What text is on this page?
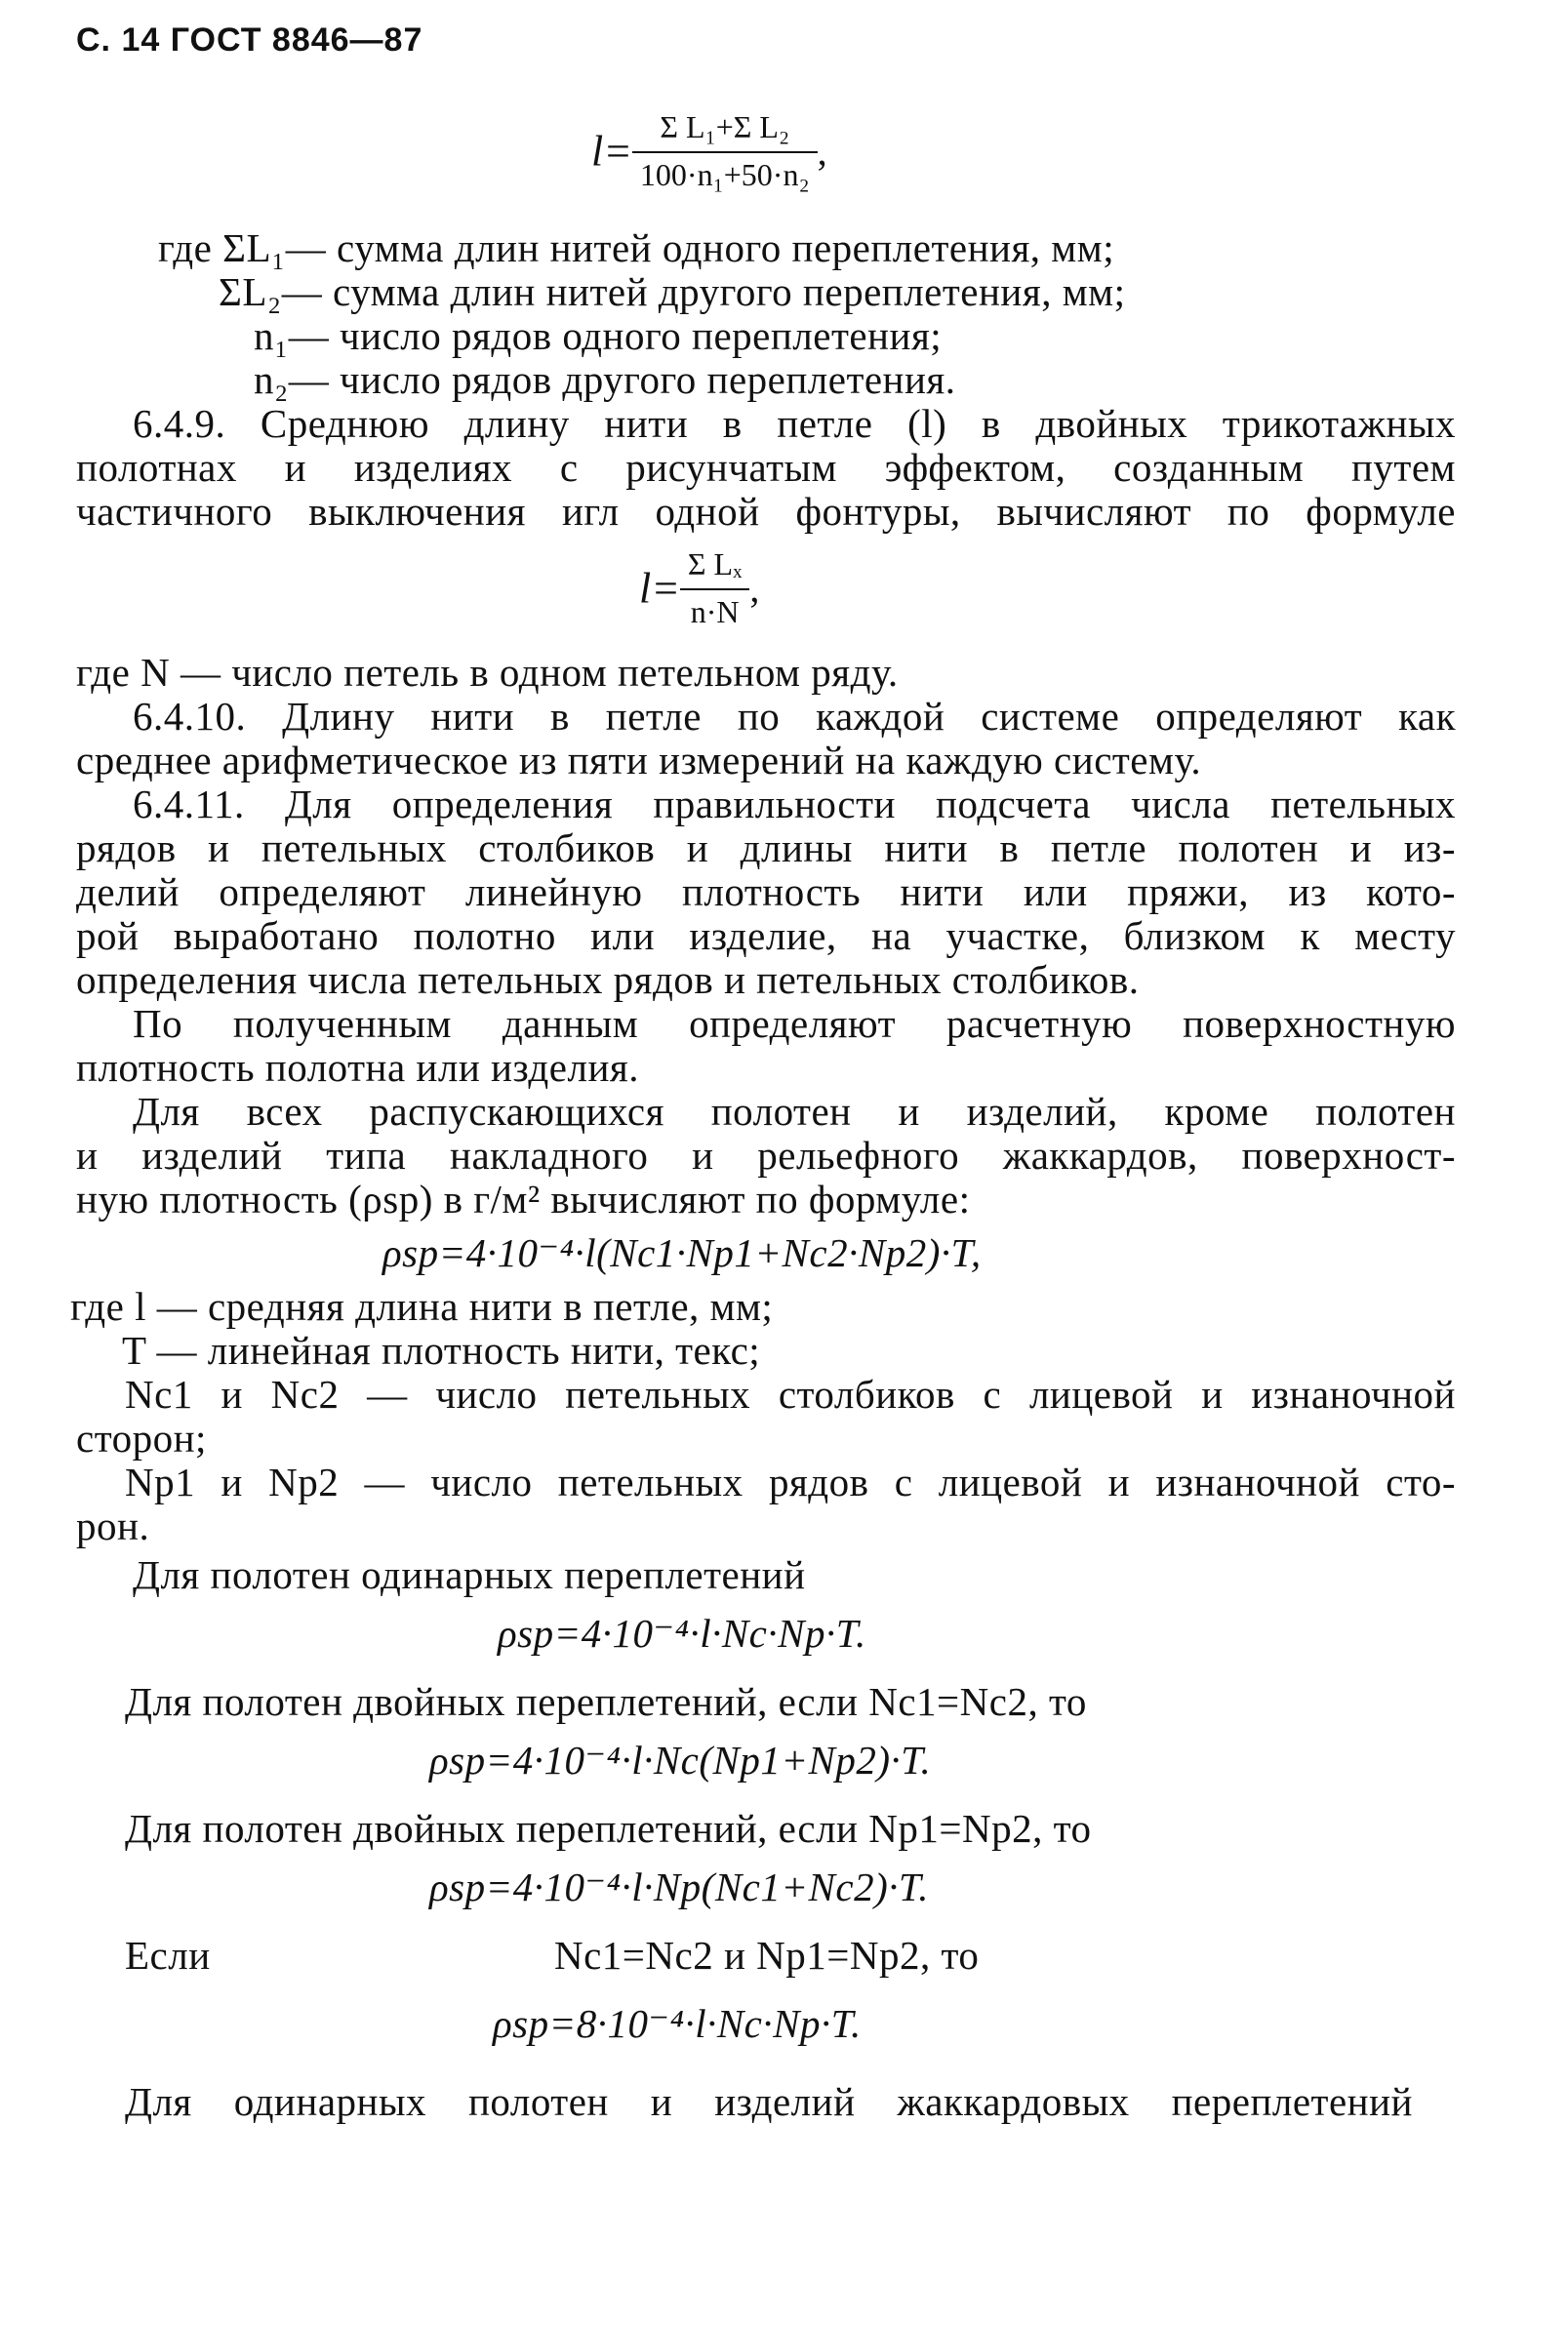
С. 14 ГОСТ 8846—87
$l= \frac{\text{Σ L₁+Σ L₂}}{\text{100·n₁+50·n₂}}$ ,
где ΣL₁— сумма длин нитей одного переплетения, мм;
ΣL₂— сумма длин нитей другого переплетения, мм;
n₁— число рядов одного переплетения;
n₂— число рядов другого переплетения.
6.4.9. Среднюю длину нити в петле (l) в двойных трикотажных
полотнах и изделиях с рисунчатым эффектом, созданным путем
частичного выключения игл одной фонтуры, вычисляют по формуле
$l= \frac{\text{Σ Lₓ}}{n\cdot N}$ ,
где N — число петель в одном петельном ряду.
6.4.10. Длину нити в петле по каждой системе определяют как
среднее арифметическое из пяти измерений на каждую систему.
6.4.11. Для определения правильности подсчета числа петельных
рядов и петельных столбиков и длины нити в петле полотен и из-
делий определяют линейную плотность нити или пряжи, из кото-
рой выработано полотно или изделие, на участке, близком к месту
определения числа петельных рядов и петельных столбиков.
По полученным данным определяют расчетную поверхностную
плотность полотна или изделия.
Для всех распускающихся полотен и изделий, кроме полотен
и изделий типа накладного и рельефного жаккардов, поверхност-
ную плотность (ρsp) в г/м² вычисляют по формуле:
ρsp=4·10⁻⁴·l(Nc1·Np1+Nc2·Np2)·T,
где l — средняя длина нити в петле, мм;
T — линейная плотность нити, текс;
Nc1 и Nc2 — число петельных столбиков с лицевой и изнаночной
сторон;
Np1 и Np2 — число петельных рядов с лицевой и изнаночной сто-
рон.
Для полотен одинарных переплетений
ρsp=4·10⁻⁴·l·Nc·Np·T.
Для полотен двойных переплетений, если Nc1=Nc2, то
ρsp=4·10⁻⁴·l·Nc(Np1+Np2)·T.
Для полотен двойных переплетений, если Np1=Np2, то
ρsp=4·10⁻⁴·l·Np(Nc1+Nc2)·T.
Если	Nc1=Nc2 и Np1=Np2, то
ρsp=8·10⁻⁴·l·Nc·Np·T.
Для одинарных полотен и изделий жаккардовых переплетений
